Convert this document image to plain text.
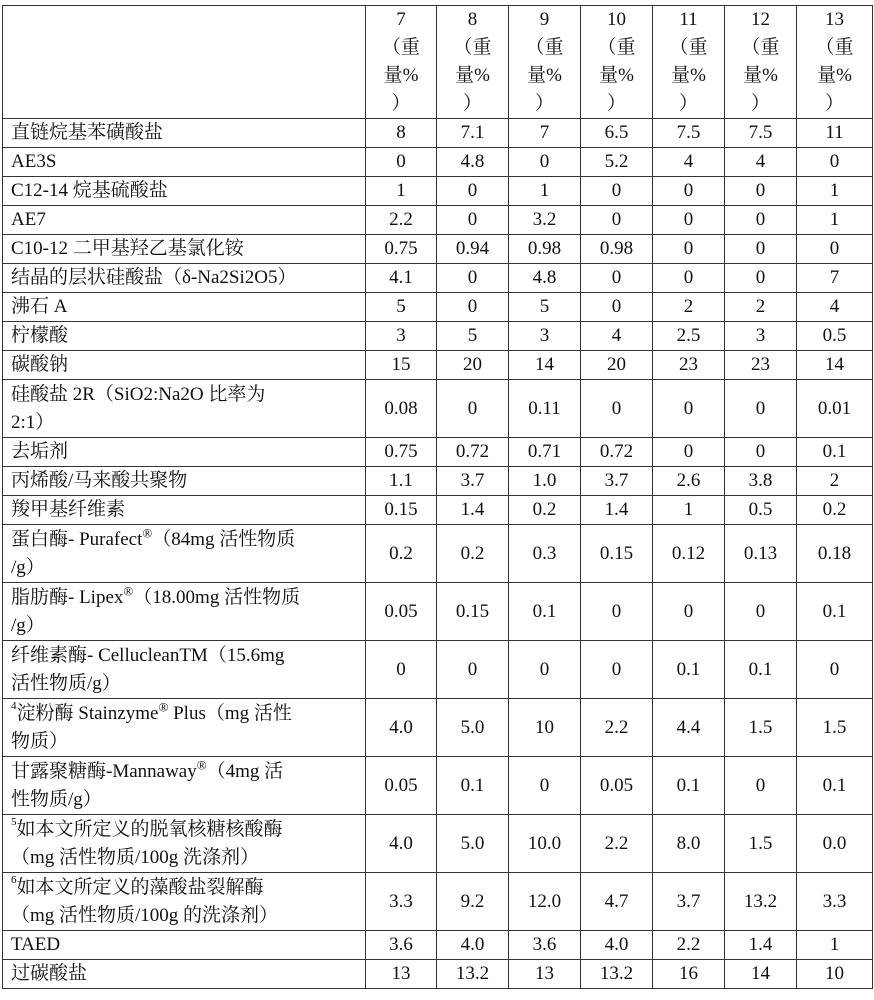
	7
（重
量%
）	8
（重
量%
）	9
（重
量%
）	10
（重
量%
）	11
（重
量%
）	12
（重
量%
）	13
（重
量%
）

直链烷基苯磺酸盐	8	7.1	7	6.5	7.5	7.5	11
AE3S	0	4.8	0	5.2	4	4	0
C12-14 烷基硫酸盐	1	0	1	0	0	0	1
AE7	2.2	0	3.2	0	0	0	1
C10-12 二甲基羟乙基氯化铵	0.75	0.94	0.98	0.98	0	0	0
结晶的层状硅酸盐（δ-Na2Si2O5）	4.1	0	4.8	0	0	0	7
沸石 A	5	0	5	0	2	2	4
柠檬酸	3	5	3	4	2.5	3	0.5
碳酸钠	15	20	14	20	23	23	14

硅酸盐 2R（SiO2:Na2O 比率为
2:1）	0.08	0	0.11	0	0	0	0.01
去垢剂	0.75	0.72	0.71	0.72	0	0	0.1
丙烯酸/马来酸共聚物	1.1	3.7	1.0	3.7	2.6	3.8	2
羧甲基纤维素	0.15	1.4	0.2	1.4	1	0.5	0.2

蛋白酶- Purafect®（84mg 活性物质
/g）	0.2	0.2	0.3	0.15	0.12	0.13	0.18

脂肪酶- Lipex®（18.00mg 活性物质
/g）	0.05	0.15	0.1	0	0	0	0.1

纤维素酶- CellucleanTM（15.6mg
活性物质/g）	0	0	0	0	0.1	0.1	0

$^4$淀粉酶 Stainzyme® Plus（mg 活性
物质）	4.0	5.0	10	2.2	4.4	1.5	1.5

甘露聚糖酶-Mannaway®（4mg 活
性物质/g）	0.05	0.1	0	0.05	0.1	0	0.1

$^5$如本文所定义的脱氧核糖核酸酶
（mg 活性物质/100g 洗涤剂）	4.0	5.0	10.0	2.2	8.0	1.5	0.0

$^6$如本文所定义的藻酸盐裂解酶
（mg 活性物质/100g 的洗涤剂）	3.3	9.2	12.0	4.7	3.7	13.2	3.3
TAED	3.6	4.0	3.6	4.0	2.2	1.4	1
过碳酸盐	13	13.2	13	13.2	16	14	10
